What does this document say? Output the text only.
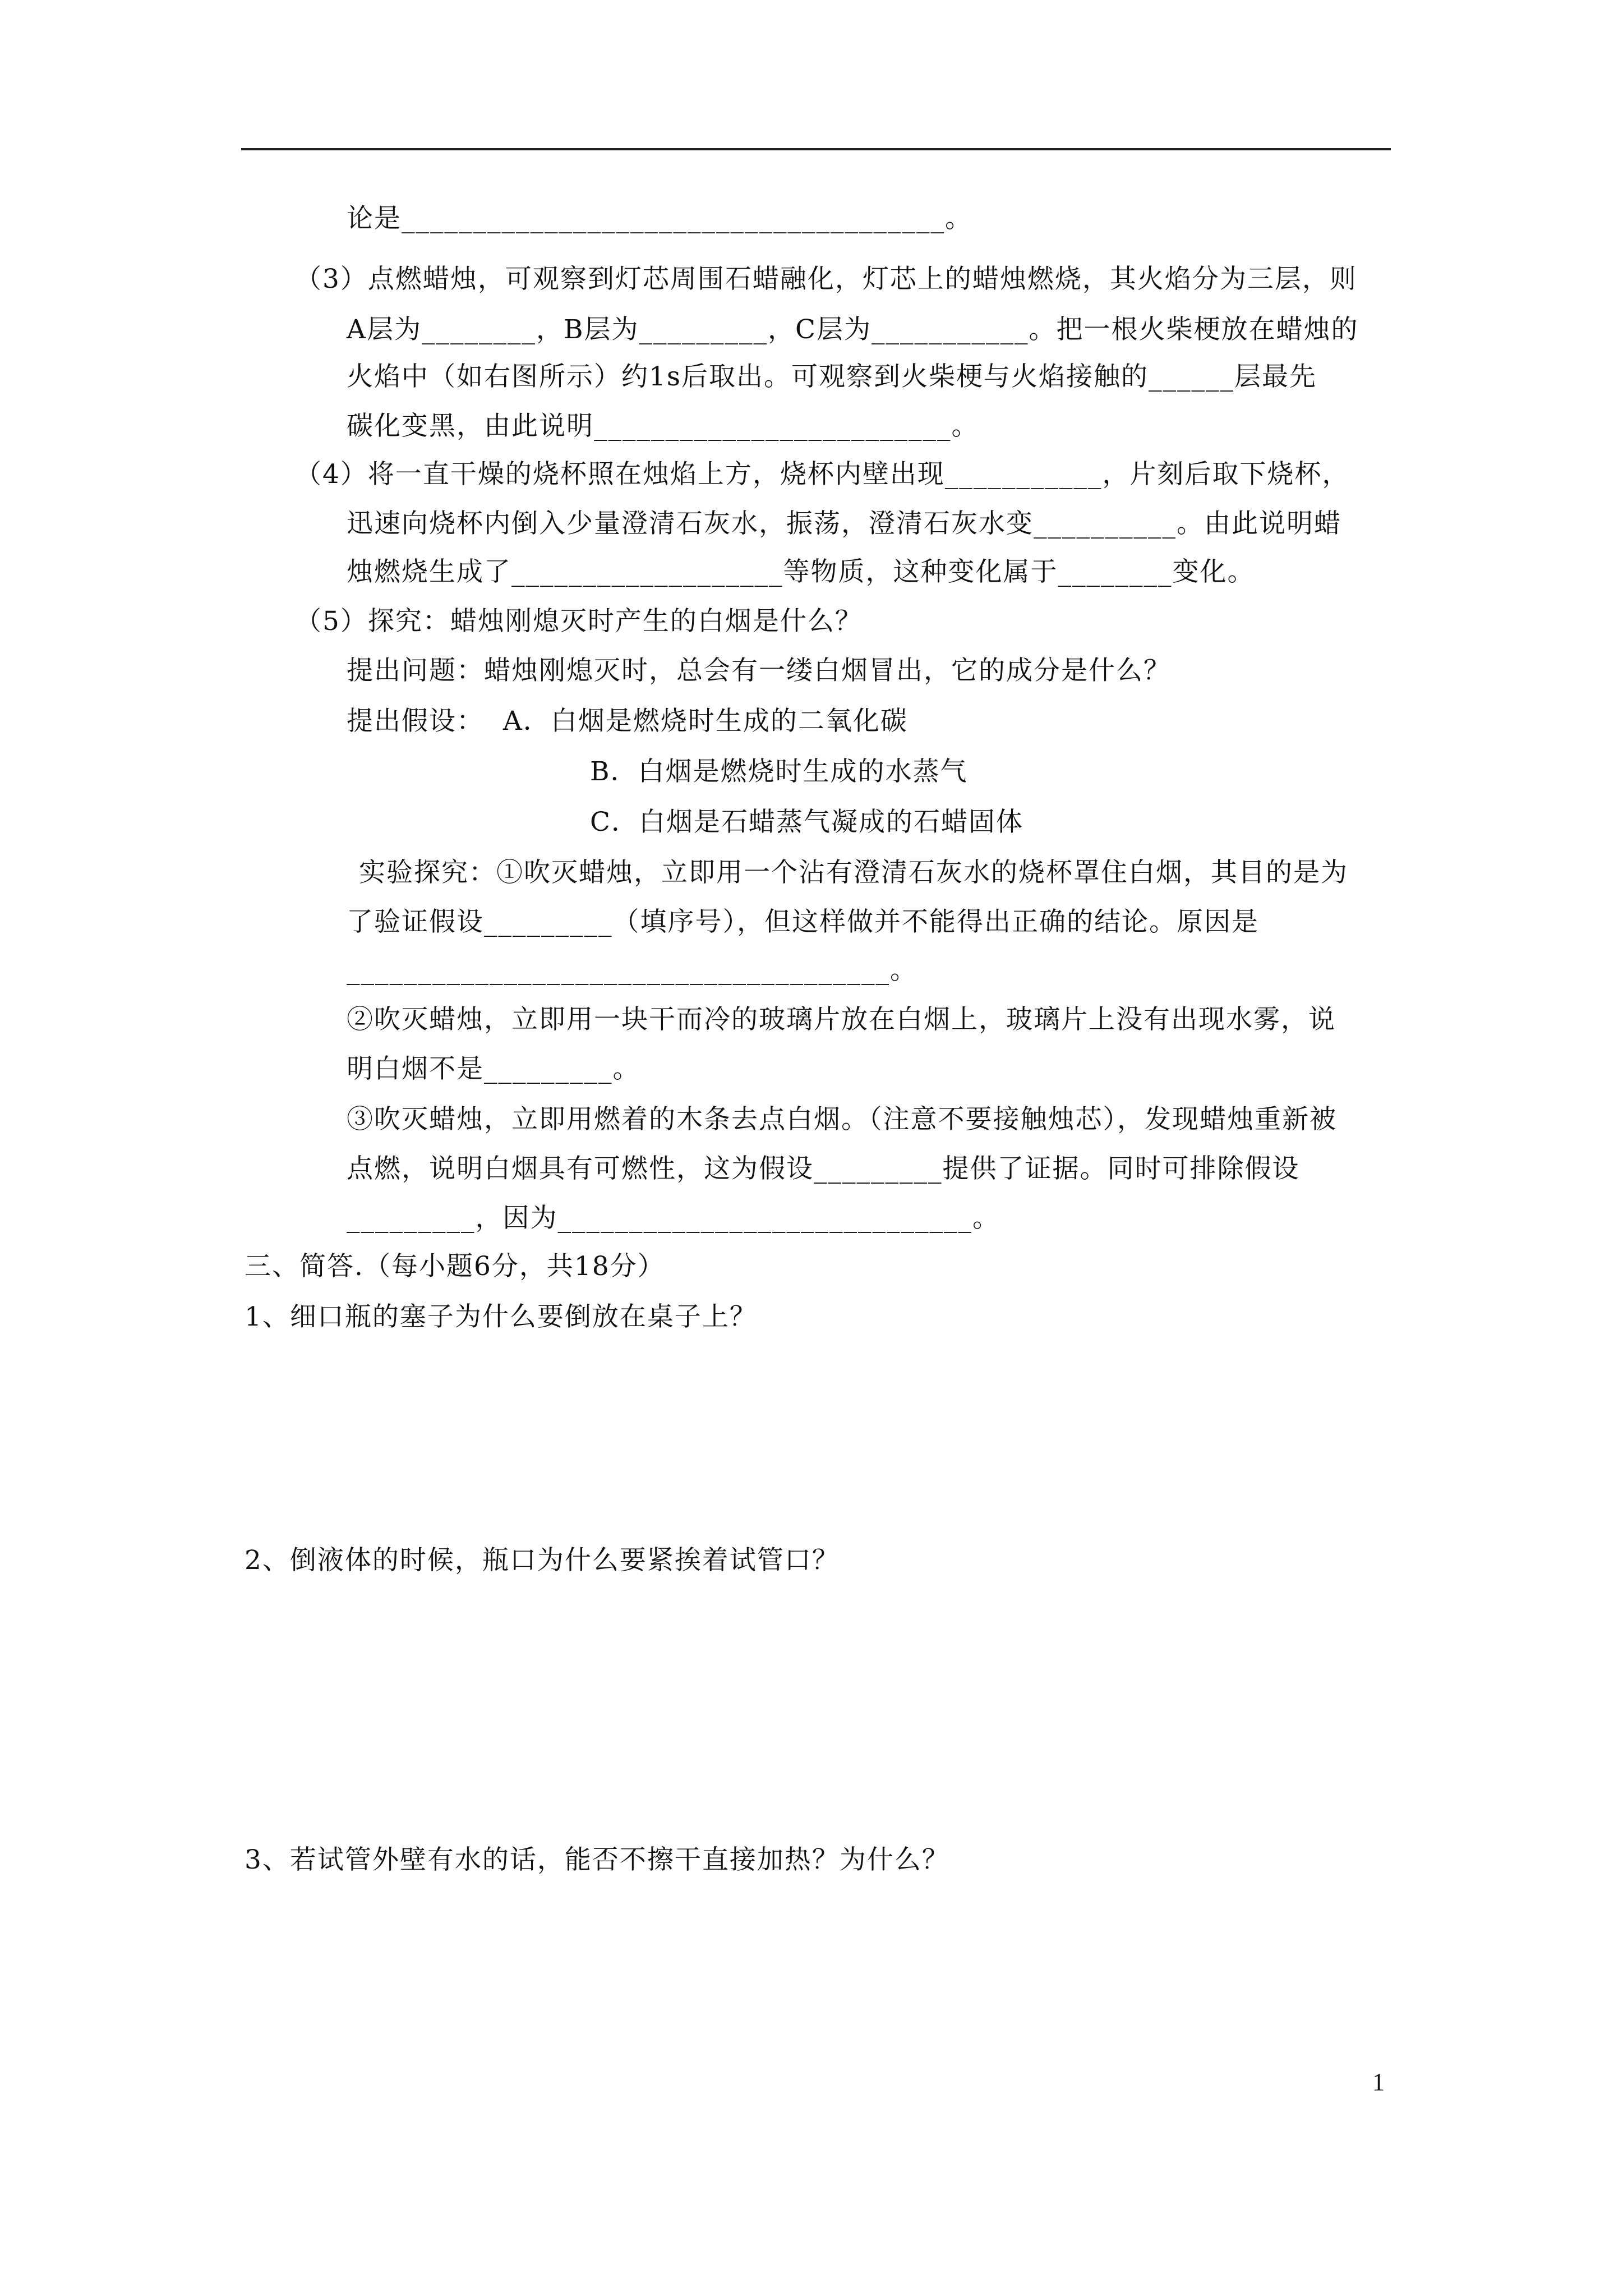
论是______________________________________。
（3）点燃蜡烛，可观察到灯芯周围石蜡融化，灯芯上的蜡烛燃烧，其火焰分为三层，则
A层为________，B层为_________，C层为___________。把一根火柴梗放在蜡烛的
火焰中（如右图所示）约1s后取出。可观察到火柴梗与火焰接触的______层最先
碳化变黑，由此说明_________________________。
（4）将一直干燥的烧杯照在烛焰上方，烧杯内壁出现___________，片刻后取下烧杯，
迅速向烧杯内倒入少量澄清石灰水，振荡，澄清石灰水变__________。由此说明蜡
烛燃烧生成了___________________等物质，这种变化属于________变化。
（5）探究：蜡烛刚熄灭时产生的白烟是什么？
提出问题：蜡烛刚熄灭时，总会有一缕白烟冒出，它的成分是什么？
提出假设：  A．白烟是燃烧时生成的二氧化碳
B．白烟是燃烧时生成的水蒸气
C．白烟是石蜡蒸气凝成的石蜡固体
实验探究：①吹灭蜡烛，立即用一个沾有澄清石灰水的烧杯罩住白烟，其目的是为
了验证假设_________（填序号），但这样做并不能得出正确的结论。原因是
______________________________________。
②吹灭蜡烛，立即用一块干而冷的玻璃片放在白烟上，玻璃片上没有出现水雾，说
明白烟不是_________。
③吹灭蜡烛，立即用燃着的木条去点白烟。（注意不要接触烛芯），发现蜡烛重新被
点燃，说明白烟具有可燃性，这为假设_________提供了证据。同时可排除假设
_________，因为_____________________________。
三、简答.（每小题6分，共18分）
1、细口瓶的塞子为什么要倒放在桌子上？
2、倒液体的时候，瓶口为什么要紧挨着试管口？
3、若试管外壁有水的话，能否不擦干直接加热？为什么？
1
